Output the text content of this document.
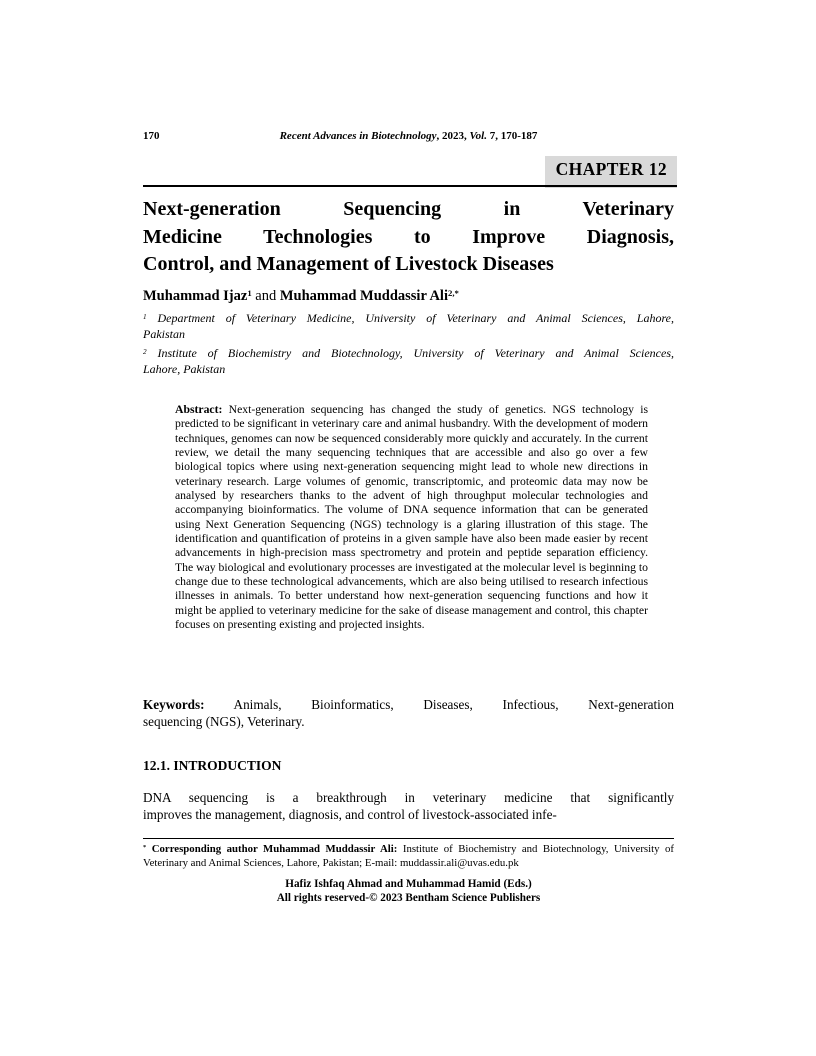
170	Recent Advances in Biotechnology, 2023, Vol. 7, 170-187
CHAPTER 12
Next-generation Sequencing in Veterinary
Medicine Technologies to Improve Diagnosis,
Control, and Management of Livestock Diseases
Muhammad Ijaz$^1$ and Muhammad Muddassir Ali$^{2,*}$
$^1$ Department of Veterinary Medicine, University of Veterinary and Animal Sciences, Lahore,
Pakistan
$^2$ Institute of Biochemistry and Biotechnology, University of Veterinary and Animal Sciences,
Lahore, Pakistan
Abstract: Next-generation sequencing has changed the study of genetics. NGS technology is predicted to be significant in veterinary care and animal husbandry. With the development of modern techniques, genomes can now be sequenced considerably more quickly and accurately. In the current review, we detail the many sequencing techniques that are accessible and also go over a few biological topics where using next-generation sequencing might lead to whole new directions in veterinary research. Large volumes of genomic, transcriptomic, and proteomic data may now be analysed by researchers thanks to the advent of high throughput molecular technologies and accompanying bioinformatics. The volume of DNA sequence information that can be generated using Next Generation Sequencing (NGS) technology is a glaring illustration of this stage. The identification and quantification of proteins in a given sample have also been made easier by recent advancements in high-precision mass spectrometry and protein and peptide separation efficiency. The way biological and evolutionary processes are investigated at the molecular level is beginning to change due to these technological advancements, which are also being utilised to research infectious illnesses in animals. To better understand how next-generation sequencing functions and how it might be applied to veterinary medicine for the sake of disease management and control, this chapter focuses on presenting existing and projected insights.
Keywords: Animals, Bioinformatics, Diseases, Infectious, Next-generation
sequencing (NGS), Veterinary.
12.1. INTRODUCTION
DNA sequencing is a breakthrough in veterinary medicine that significantly
improves the management, diagnosis, and control of livestock-associated infe-
* Corresponding author Muhammad Muddassir Ali: Institute of Biochemistry and Biotechnology, University of
Veterinary and Animal Sciences, Lahore, Pakistan; E-mail: muddassir.ali@uvas.edu.pk
Hafiz Ishfaq Ahmad and Muhammad Hamid (Eds.)
All rights reserved-© 2023 Bentham Science Publishers
